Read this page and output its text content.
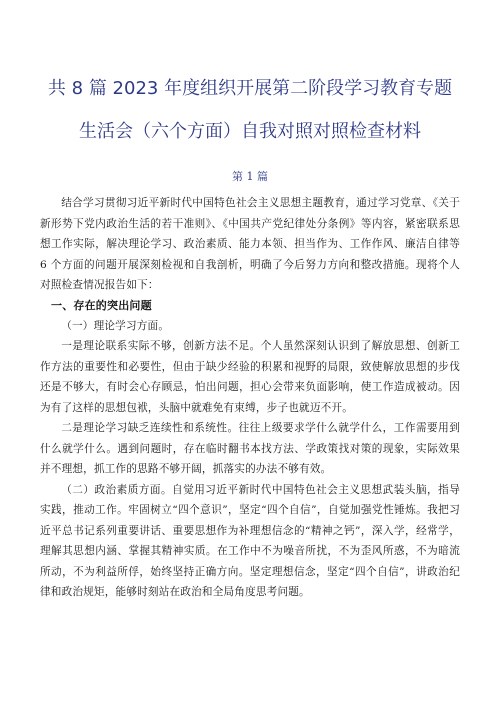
共 8 篇 2023 年度组织开展第二阶段学习教育专题
生活会（六个方面）自我对照对照检查材料
第 1 篇

结合学习贯彻习近平新时代中国特色社会主义思想主题教育，通过学习党章、《关于新形势下党内政治生活的若干准则》、《中国共产党纪律处分条例》等内容，紧密联系思想工作实际，解决理论学习、政治素质、能力本领、担当作为、工作作风、廉洁自律等 6 个方面的问题开展深刻检视和自我剖析，明确了今后努力方向和整改措施。现将个人对照检查情况报告如下：

一、存在的突出问题

（一）理论学习方面。

一是理论联系实际不够，创新方法不足。个人虽然深刻认识到了解放思想、创新工作方法的重要性和必要性，但由于缺少经验的积累和视野的局限，致使解放思想的步伐还是不够大，有时会心存顾忌，怕出问题，担心会带来负面影响，使工作造成被动。因为有了这样的思想包袱，头脑中就难免有束缚，步子也就迈不开。

二是理论学习缺乏连续性和系统性。往往上级要求学什么就学什么，工作需要用到什么就学什么。遇到问题时，存在临时翻书本找方法、学政策找对策的现象，实际效果并不理想，抓工作的思路不够开阔，抓落实的办法不够有效。

（二）政治素质方面。自觉用习近平新时代中国特色社会主义思想武装头脑，指导实践，推动工作。牢固树立“四个意识”，坚定“四个自信”，自觉加强党性锤炼。我把习近平总书记系列重要讲话、重要思想作为补理想信念的“精神之钙”，深入学，经常学，理解其思想内涵、掌握其精神实质。在工作中不为噪音所扰，不为歪风所惑，不为暗流所动，不为利益所俘，始终坚持正确方向。坚定理想信念，坚定“四个自信”，讲政治纪律和政治规矩，能够时刻站在政治和全局角度思考问题。
